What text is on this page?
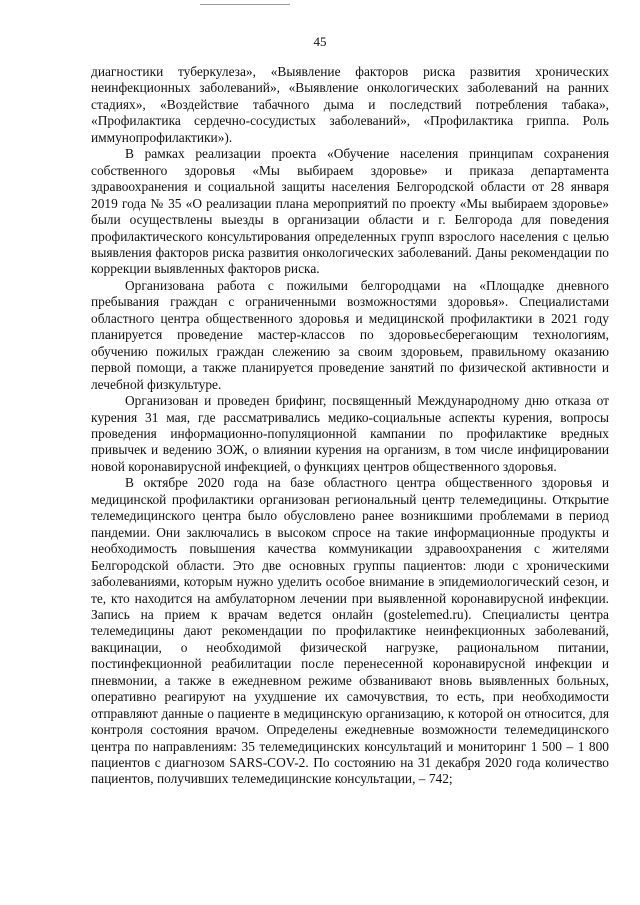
45

диагностики туберкулеза», «Выявление факторов риска развития хронических неинфекционных заболеваний», «Выявление онкологических заболеваний на ранних стадиях», «Воздействие табачного дыма и последствий потребления табака», «Профилактика сердечно-сосудистых заболеваний», «Профилактика гриппа. Роль иммунопрофилактики»).

В рамках реализации проекта «Обучение населения принципам сохранения собственного здоровья «Мы выбираем здоровье» и приказа департамента здравоохранения и социальной защиты населения Белгородской области от 28 января 2019 года № 35 «О реализации плана мероприятий по проекту «Мы выбираем здоровье» были осуществлены выезды в организации области и г. Белгорода для поведения профилактического консультирования определенных групп взрослого населения с целью выявления факторов риска развития онкологических заболеваний. Даны рекомендации по коррекции выявленных факторов риска.

Организована работа с пожилыми белгородцами на «Площадке дневного пребывания граждан с ограниченными возможностями здоровья». Специалистами областного центра общественного здоровья и медицинской профилактики в 2021 году планируется проведение мастер-классов по здоровьесберегающим технологиям, обучению пожилых граждан слежению за своим здоровьем, правильному оказанию первой помощи, а также планируется проведение занятий по физической активности и лечебной физкультуре.

Организован и проведен брифинг, посвященный Международному дню отказа от курения 31 мая, где рассматривались медико-социальные аспекты курения, вопросы проведения информационно-популяционной кампании по профилактике вредных привычек и ведению ЗОЖ, о влиянии курения на организм, в том числе инфицировании новой коронавирусной инфекцией, о функциях центров общественного здоровья.

В октябре 2020 года на базе областного центра общественного здоровья и медицинской профилактики организован региональный центр телемедицины. Открытие телемедицинского центра было обусловлено ранее возникшими проблемами в период пандемии. Они заключались в высоком спросе на такие информационные продукты и необходимость повышения качества коммуникации здравоохранения с жителями Белгородской области. Это две основных группы пациентов: люди с хроническими заболеваниями, которым нужно уделить особое внимание в эпидемиологический сезон, и те, кто находится на амбулаторном лечении при выявленной коронавирусной инфекции. Запись на прием к врачам ведется онлайн (gostelemed.ru). Специалисты центра телемедицины дают рекомендации по профилактике неинфекционных заболеваний, вакцинации, о необходимой физической нагрузке, рациональном питании, постинфекционной реабилитации после перенесенной коронавирусной инфекции и пневмонии, а также в ежедневном режиме обзванивают вновь выявленных больных, оперативно реагируют на ухудшение их самочувствия, то есть, при необходимости отправляют данные о пациенте в медицинскую организацию, к которой он относится, для контроля состояния врачом. Определены ежедневные возможности телемедицинского центра по направлениям: 35 телемедицинских консультаций и мониторинг 1 500 – 1 800 пациентов с диагнозом SARS-COV-2. По состоянию на 31 декабря 2020 года количество пациентов, получивших телемедицинские консультации, – 742;
